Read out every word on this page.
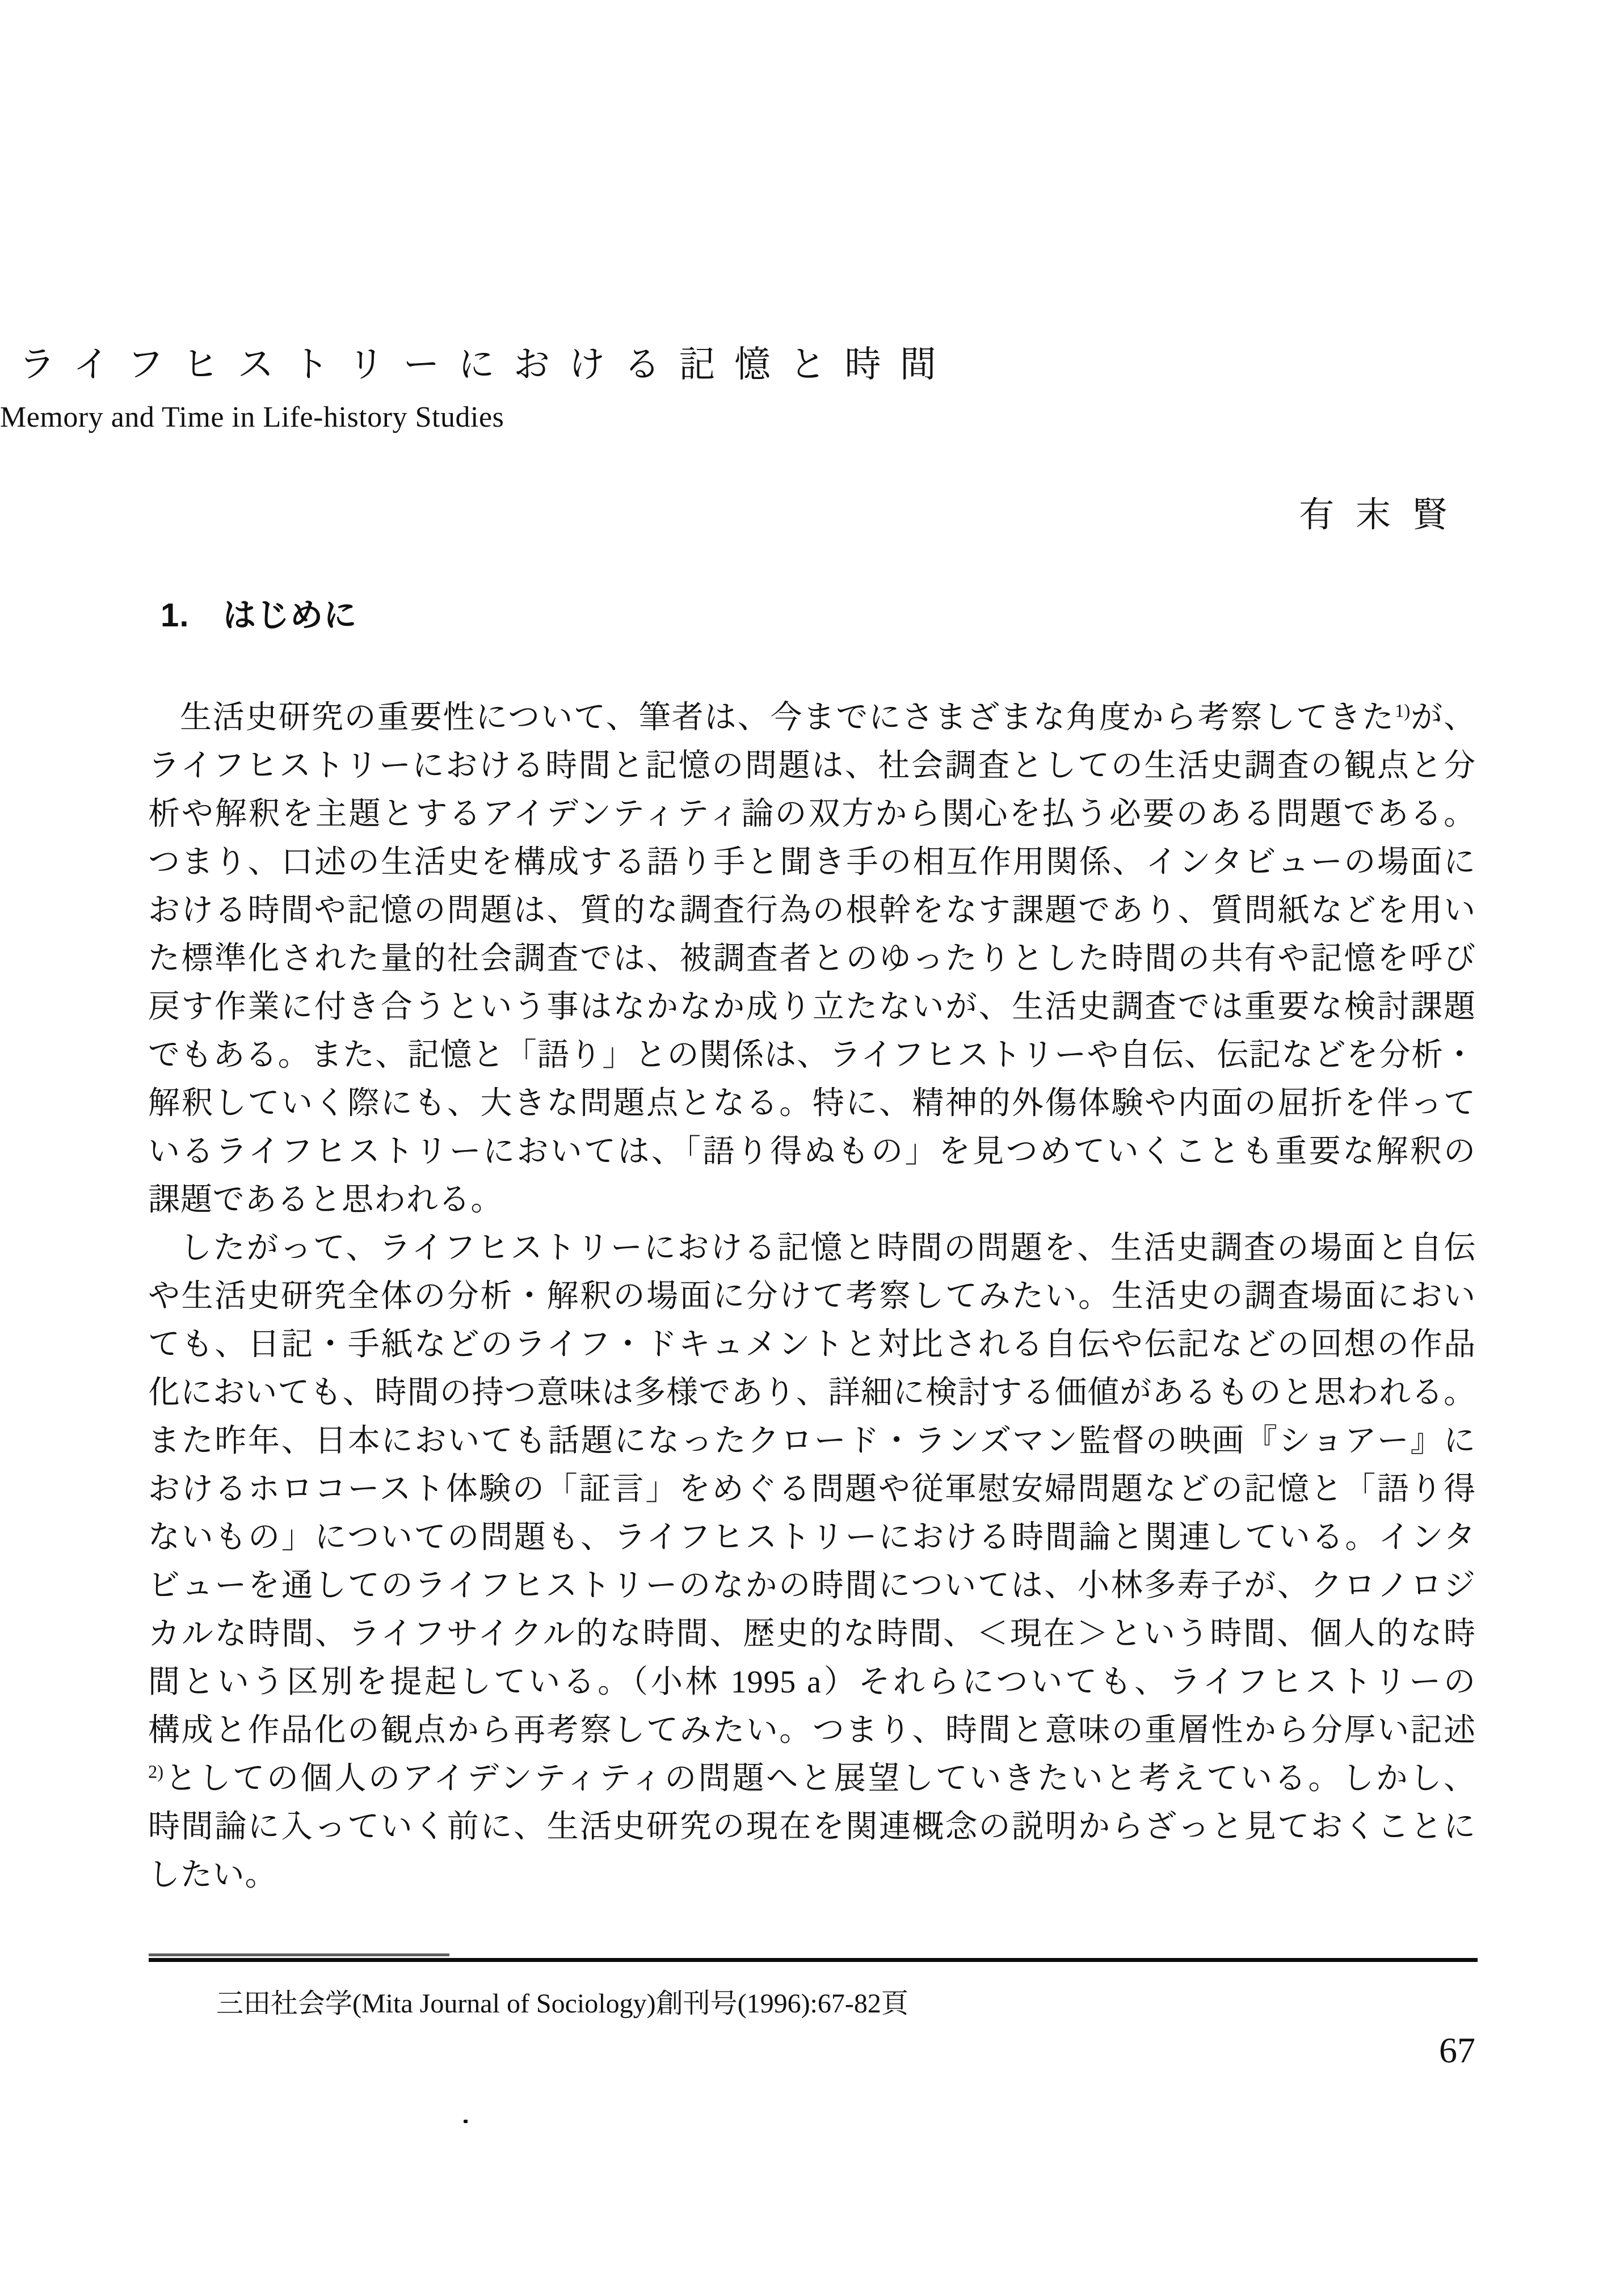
ライフヒストリーにおける記憶と時間
Memory and Time in Life-history Studies
有 末 賢
1.　はじめに
生活史研究の重要性について、筆者は、今までにさまざまな角度から考察してきた$^{1)}$が、
ライフヒストリーにおける時間と記憶の問題は、社会調査としての生活史調査の観点と分
析や解釈を主題とするアイデンティティ論の双方から関心を払う必要のある問題である。
つまり、口述の生活史を構成する語り手と聞き手の相互作用関係、インタビューの場面に
おける時間や記憶の問題は、質的な調査行為の根幹をなす課題であり、質問紙などを用い
た標準化された量的社会調査では、被調査者とのゆったりとした時間の共有や記憶を呼び
戻す作業に付き合うという事はなかなか成り立たないが、生活史調査では重要な検討課題
でもある。また、記憶と「語り」との関係は、ライフヒストリーや自伝、伝記などを分析・
解釈していく際にも、大きな問題点となる。特に、精神的外傷体験や内面の屈折を伴って
いるライフヒストリーにおいては、「語り得ぬもの」を見つめていくことも重要な解釈の
課題であると思われる。
したがって、ライフヒストリーにおける記憶と時間の問題を、生活史調査の場面と自伝
や生活史研究全体の分析・解釈の場面に分けて考察してみたい。生活史の調査場面におい
ても、日記・手紙などのライフ・ドキュメントと対比される自伝や伝記などの回想の作品
化においても、時間の持つ意味は多様であり、詳細に検討する価値があるものと思われる。
また昨年、日本においても話題になったクロード・ランズマン監督の映画『ショアー』に
おけるホロコースト体験の「証言」をめぐる問題や従軍慰安婦問題などの記憶と「語り得
ないもの」についての問題も、ライフヒストリーにおける時間論と関連している。インタ
ビューを通してのライフヒストリーのなかの時間については、小林多寿子が、クロノロジ
カルな時間、ライフサイクル的な時間、歴史的な時間、＜現在＞という時間、個人的な時
間という区別を提起している。（小林 1995 a）それらについても、ライフヒストリーの
構成と作品化の観点から再考察してみたい。つまり、時間と意味の重層性から分厚い記述
$^{2)}$としての個人のアイデンティティの問題へと展望していきたいと考えている。しかし、
時間論に入っていく前に、生活史研究の現在を関連概念の説明からざっと見ておくことに
したい。
三田社会学(Mita Journal of Sociology)創刊号(1996):67-82頁
67
